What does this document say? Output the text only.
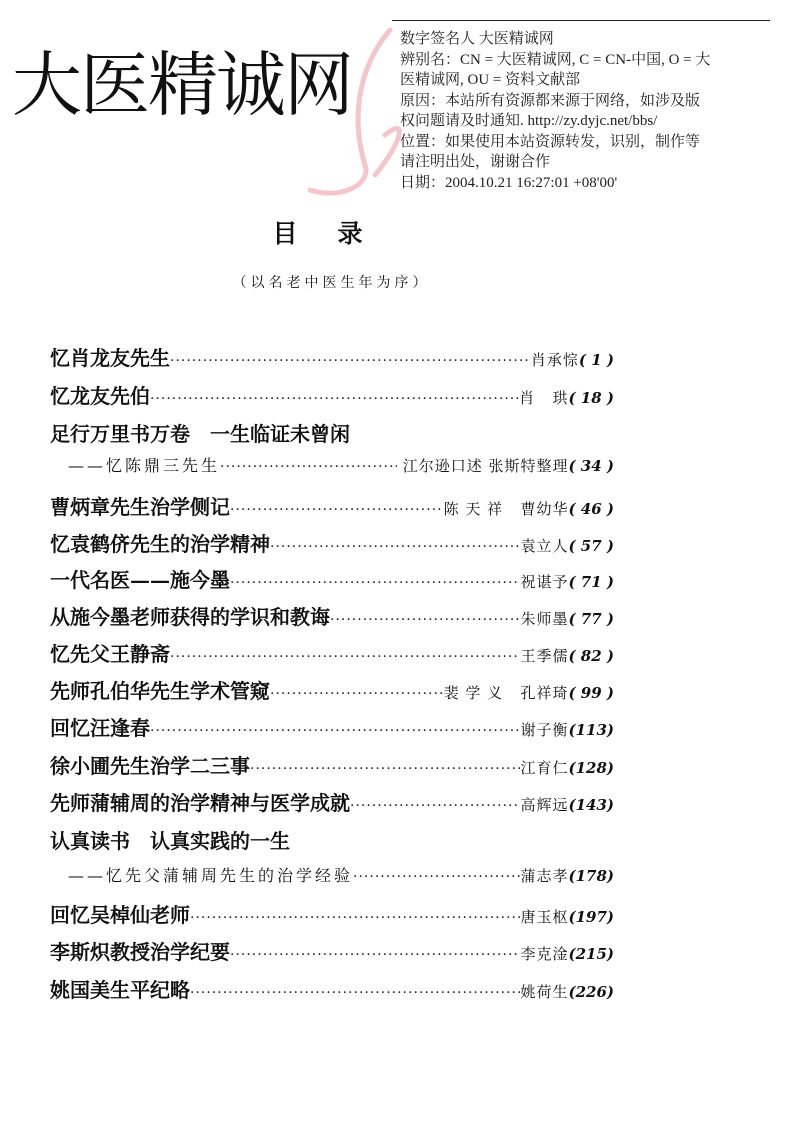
大医精诚网
数字签名人 大医精诚网
辨别名：CN = 大医精诚网, C = CN-中国, O = 大
医精诚网, OU = 资料文献部
原因：本站所有资源都来源于网络，如涉及版
权问题请及时通知. http://zy.dyjc.net/bbs/
位置：如果使用本站资源转发，识别，制作等
请注明出处，谢谢合作
日期：2004.10.21 16:27:01 +08'00'
目录
（以名老中医生年为序）
忆肖龙友先生 ·····	肖承悰 ( 1 )
忆龙友先伯 ·····	肖   珙 ( 18 )
足行万里书万卷　一生临证未曾闲
——忆陈鼎三先生 ·····	江尔逊口述 张斯特整理 ( 34 )
曹炳章先生治学侧记 ·····	陈 天 祥   曹幼华 ( 46 )
忆袁鹤侪先生的治学精神 ·····	袁立人 ( 57 )
一代名医——施今墨 ·····	祝谌予 ( 71 )
从施今墨老师获得的学识和教诲 ·····	朱师墨 ( 77 )
忆先父王静斋 ·····	王季儒 ( 82 )
先师孔伯华先生学术管窥 ·····	裴 学 义   孔祥琦 ( 99 )
回忆汪逢春 ·····	谢子衡 (113)
徐小圃先生治学二三事 ·····	江育仁 (128)
先师蒲辅周的治学精神与医学成就 ·····	高辉远 (143)
认真读书　认真实践的一生
——忆先父蒲辅周先生的治学经验 ·····	蒲志孝 (178)
回忆吴棹仙老师 ·····	唐玉枢 (197)
李斯炽教授治学纪要 ·····	李克淦 (215)
姚国美生平纪略 ·····	姚荷生 (226)
